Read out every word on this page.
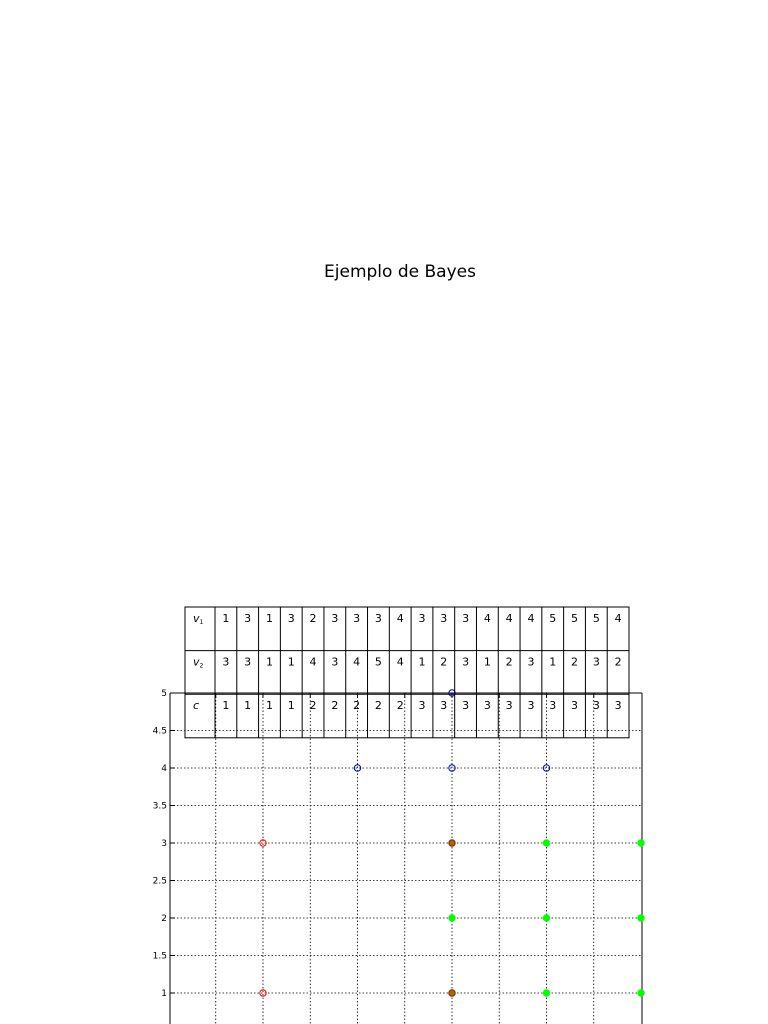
Ejemplo de Bayes
1
1.5
2
2.5
3
3.5
4
4.5
5
v1
v2
c
1 3 1 3 2 3 3 3 4 3 3 3 4 4 4 5 5 5 4
3 3 1 1 4 3 4 5 4 1 2 3 1 2 3 1 2 3 2
1 1 1 1 2 2 2 2 2 3 3 3 3 3 3 3 3 3 3
